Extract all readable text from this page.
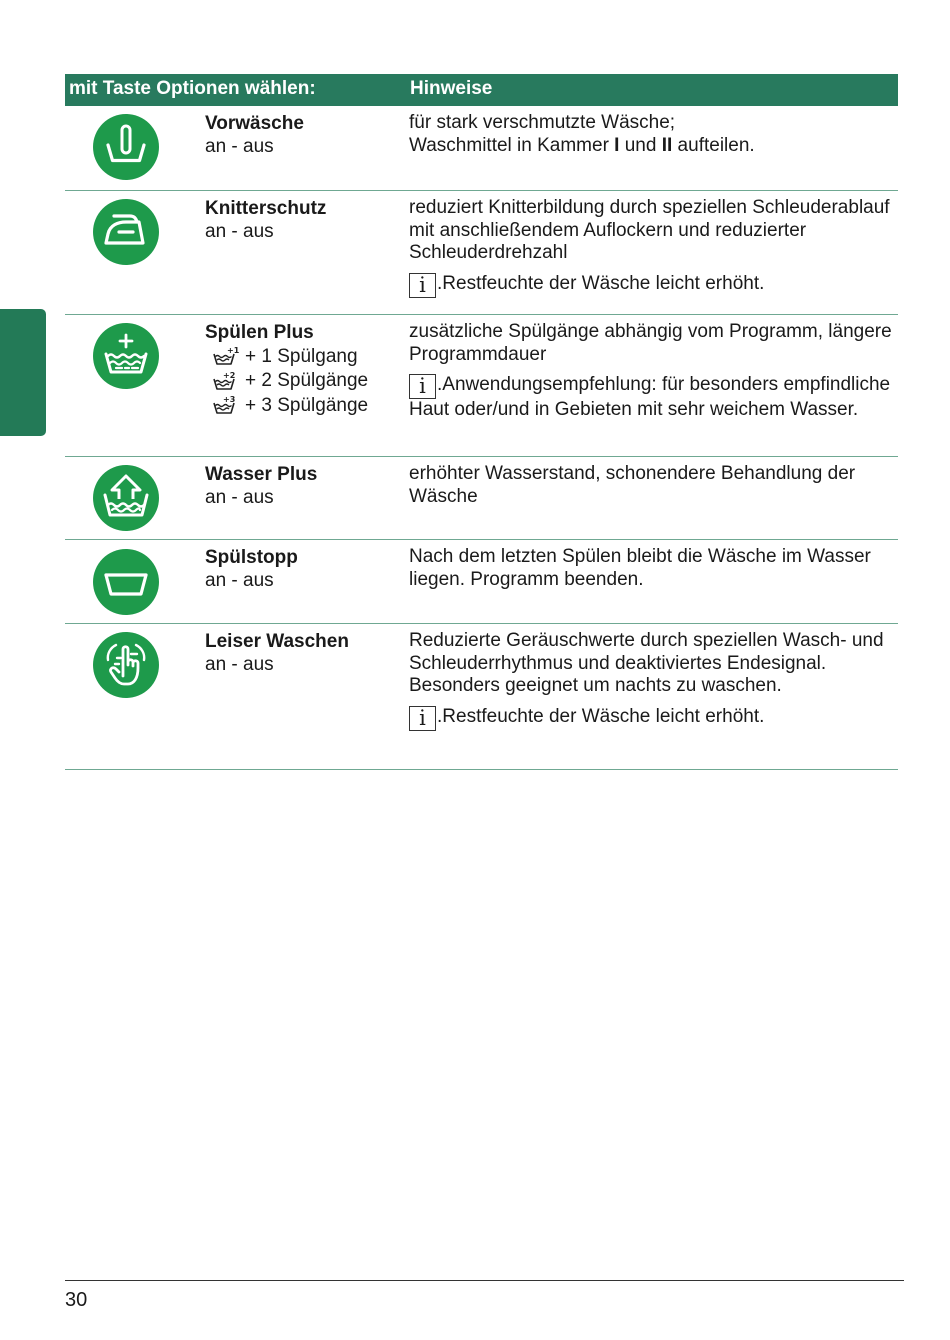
mit Taste Optionen wählen:	Hinweise
Vorwäsche
an - aus

für stark verschmutzte Wäsche;

Waschmittel in Kammer I und II aufteilen.

Knitterschutz
an - aus

reduziert Knitterbildung durch speziellen Schleuderablauf mit anschließendem Auflockern und reduzierter Schleuderdrehzahl

i .Restfeuchte der Wäsche leicht erhöht.

Spülen Plus
+1 + 1 Spülgang
+2 + 2 Spülgänge
+3 + 3 Spülgänge

zusätzliche Spülgänge abhängig vom Programm, längere Programmdauer

i .Anwendungsempfehlung: für besonders empfindliche Haut oder/und in Gebieten mit sehr weichem Wasser.

Wasser Plus
an - aus

erhöhter Wasserstand, schonendere Behandlung der Wäsche

Spülstopp
an - aus

Nach dem letzten Spülen bleibt die Wäsche im Wasser liegen. Programm beenden.

Leiser Waschen
an - aus

Reduzierte Geräuschwerte durch speziellen Wasch- und Schleuderrhythmus und deaktiviertes Endesignal. Besonders geeignet um nachts zu waschen.

i .Restfeuchte der Wäsche leicht erhöht.

30
